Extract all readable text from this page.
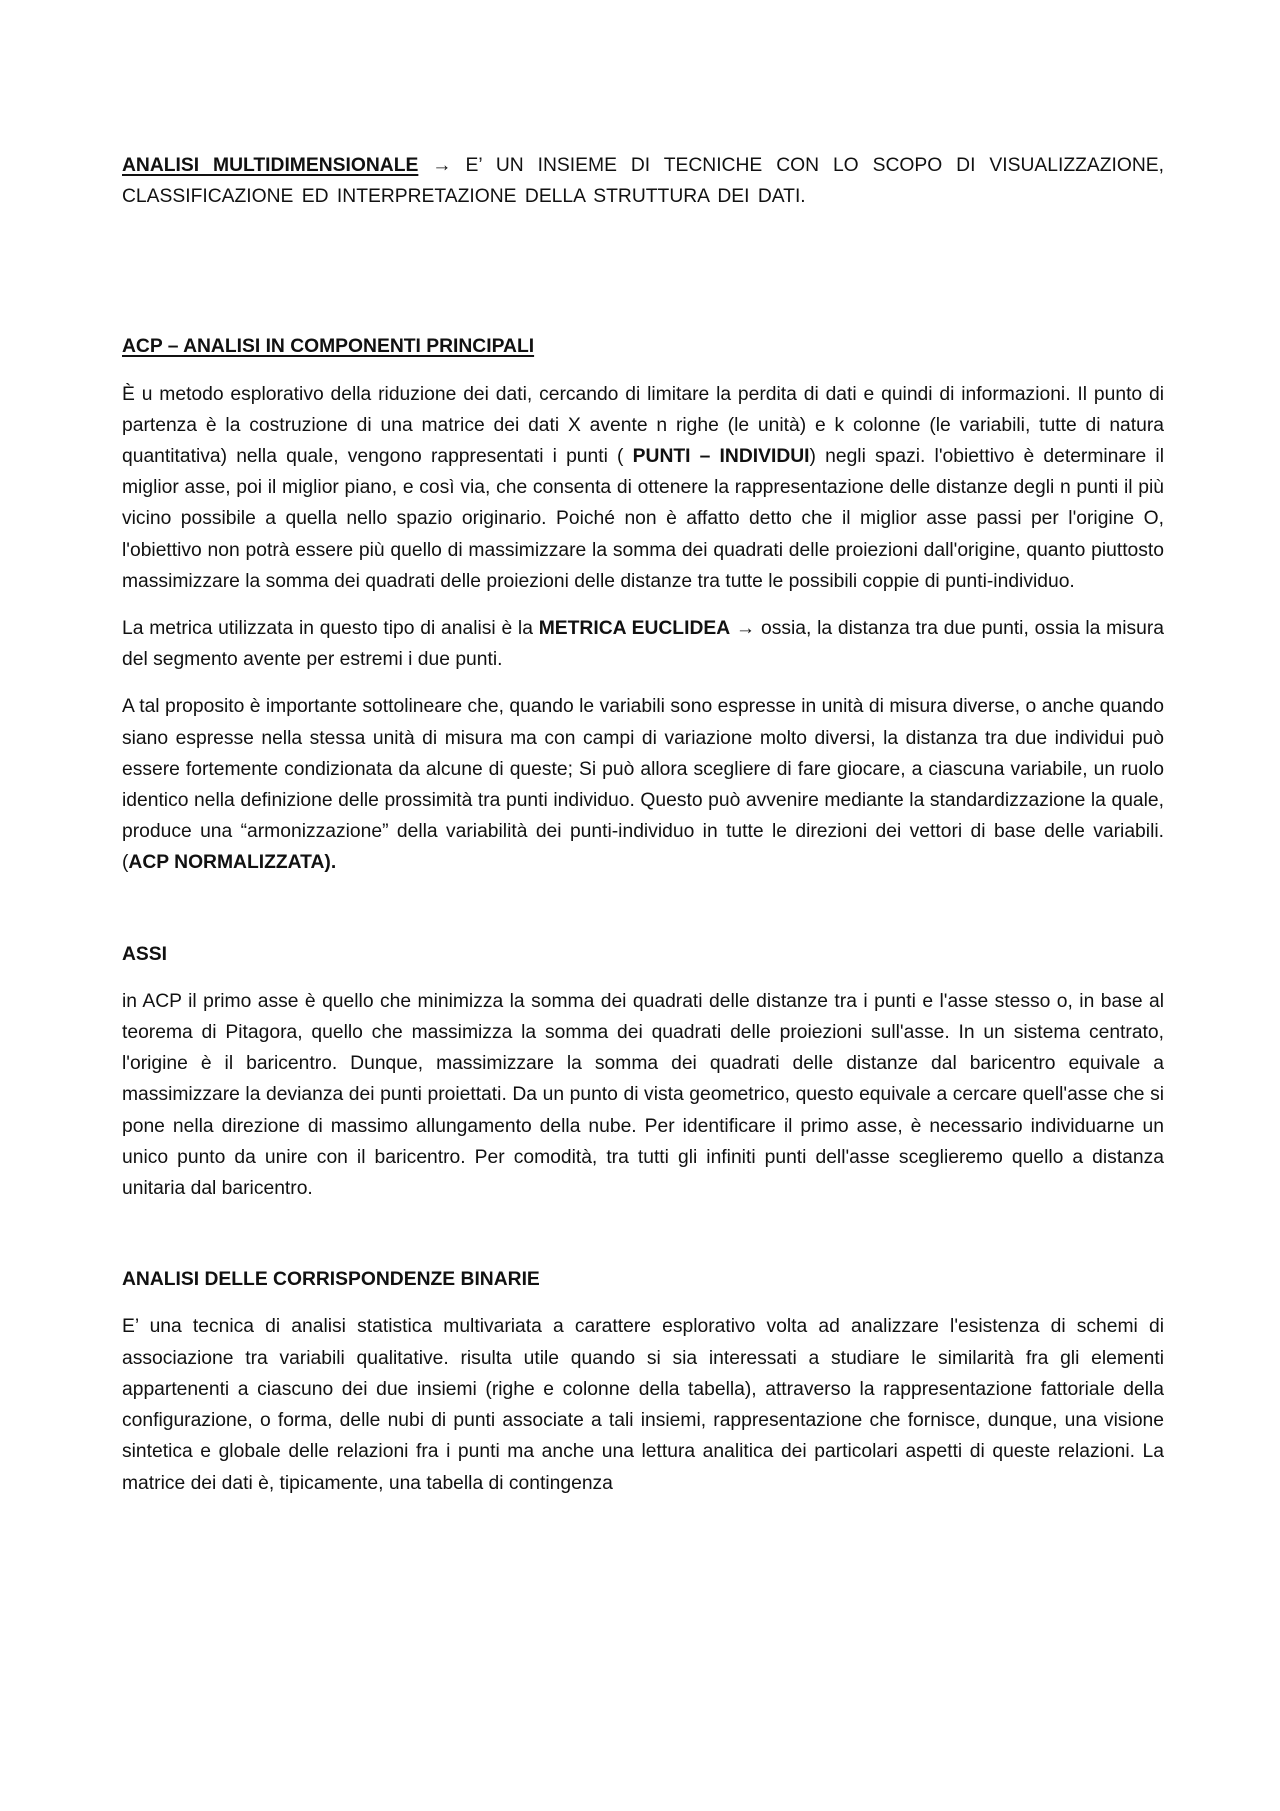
ANALISI MULTIDIMENSIONALE → E’ UN INSIEME DI TECNICHE CON LO SCOPO DI VISUALIZZAZIONE, CLASSIFICAZIONE ED INTERPRETAZIONE DELLA STRUTTURA DEI DATI.

ACP – ANALISI IN COMPONENTI PRINCIPALI

È u metodo esplorativo della riduzione dei dati, cercando di limitare la perdita di dati e quindi di informazioni. Il punto di partenza è la costruzione di una matrice dei dati X avente n righe (le unità) e k colonne (le variabili, tutte di natura quantitativa) nella quale, vengono rappresentati i punti ( PUNTI – INDIVIDUI) negli spazi. l'obiettivo è determinare il miglior asse, poi il miglior piano, e così via, che consenta di ottenere la rappresentazione delle distanze degli n punti il più vicino possibile a quella nello spazio originario. Poiché non è affatto detto che il miglior asse passi per l'origine O, l'obiettivo non potrà essere più quello di massimizzare la somma dei quadrati delle proiezioni dall'origine, quanto piuttosto massimizzare la somma dei quadrati delle proiezioni delle distanze tra tutte le possibili coppie di punti-individuo.

La metrica utilizzata in questo tipo di analisi è la METRICA EUCLIDEA → ossia, la distanza tra due punti, ossia la misura del segmento avente per estremi i due punti.

A tal proposito è importante sottolineare che, quando le variabili sono espresse in unità di misura diverse, o anche quando siano espresse nella stessa unità di misura ma con campi di variazione molto diversi, la distanza tra due individui può essere fortemente condizionata da alcune di queste; Si può allora scegliere di fare giocare, a ciascuna variabile, un ruolo identico nella definizione delle prossimità tra punti individuo. Questo può avvenire mediante la standardizzazione la quale, produce una “armonizzazione” della variabilità dei punti-individuo in tutte le direzioni dei vettori di base delle variabili. (ACP NORMALIZZATA).

ASSI

in ACP il primo asse è quello che minimizza la somma dei quadrati delle distanze tra i punti e l'asse stesso o, in base al teorema di Pitagora, quello che massimizza la somma dei quadrati delle proiezioni sull'asse. In un sistema centrato, l'origine è il baricentro. Dunque, massimizzare la somma dei quadrati delle distanze dal baricentro equivale a massimizzare la devianza dei punti proiettati. Da un punto di vista geometrico, questo equivale a cercare quell'asse che si pone nella direzione di massimo allungamento della nube. Per identificare il primo asse, è necessario individuarne un unico punto da unire con il baricentro. Per comodità, tra tutti gli infiniti punti dell'asse sceglieremo quello a distanza unitaria dal baricentro.

ANALISI DELLE CORRISPONDENZE BINARIE

E’ una tecnica di analisi statistica multivariata a carattere esplorativo volta ad analizzare l'esistenza di schemi di associazione tra variabili qualitative. risulta utile quando si sia interessati a studiare le similarità fra gli elementi appartenenti a ciascuno dei due insiemi (righe e colonne della tabella), attraverso la rappresentazione fattoriale della configurazione, o forma, delle nubi di punti associate a tali insiemi, rappresentazione che fornisce, dunque, una visione sintetica e globale delle relazioni fra i punti ma anche una lettura analitica dei particolari aspetti di queste relazioni. La matrice dei dati è, tipicamente, una tabella di contingenza
